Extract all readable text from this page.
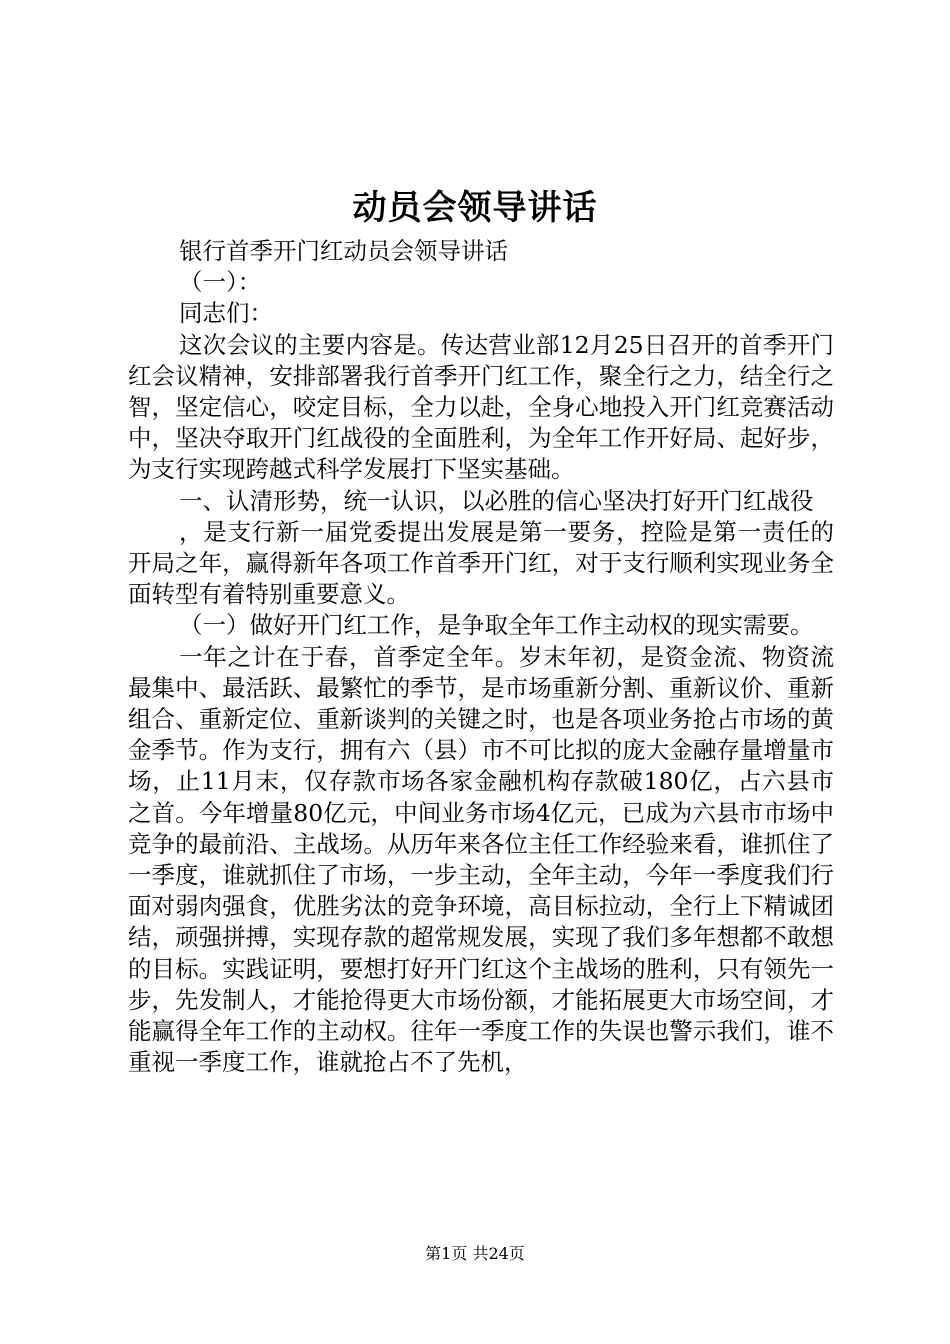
动员会领导讲话

银行首季开门红动员会领导讲话

（一）：

同志们：

这次会议的主要内容是。传达营业部12月25日召开的首季开门红会议精神，安排部署我行首季开门红工作，聚全行之力，结全行之智，坚定信心，咬定目标，全力以赴，全身心地投入开门红竞赛活动中，坚决夺取开门红战役的全面胜利，为全年工作开好局、起好步，为支行实现跨越式科学发展打下坚实基础。

一、认清形势，统一认识，以必胜的信心坚决打好开门红战役

，是支行新一届党委提出发展是第一要务，控险是第一责任的开局之年，赢得新年各项工作首季开门红，对于支行顺利实现业务全面转型有着特别重要意义。

（一）做好开门红工作，是争取全年工作主动权的现实需要。

一年之计在于春，首季定全年。岁末年初，是资金流、物资流最集中、最活跃、最繁忙的季节，是市场重新分割、重新议价、重新组合、重新定位、重新谈判的关键之时，也是各项业务抢占市场的黄金季节。作为支行，拥有六（县）市不可比拟的庞大金融存量增量市场，止11月末，仅存款市场各家金融机构存款破180亿，占六县市之首。今年增量80亿元，中间业务市场4亿元，已成为六县市市场中竞争的最前沿、主战场。从历年来各位主任工作经验来看，谁抓住了一季度，谁就抓住了市场，一步主动，全年主动，今年一季度我们行面对弱肉强食，优胜劣汰的竞争环境，高目标拉动，全行上下精诚团结，顽强拼搏，实现存款的超常规发展，实现了我们多年想都不敢想的目标。实践证明，要想打好开门红这个主战场的胜利，只有领先一步，先发制人，才能抢得更大市场份额，才能拓展更大市场空间，才能赢得全年工作的主动权。往年一季度工作的失误也警示我们，谁不重视一季度工作，谁就抢占不了先机，

第1页 共24页
